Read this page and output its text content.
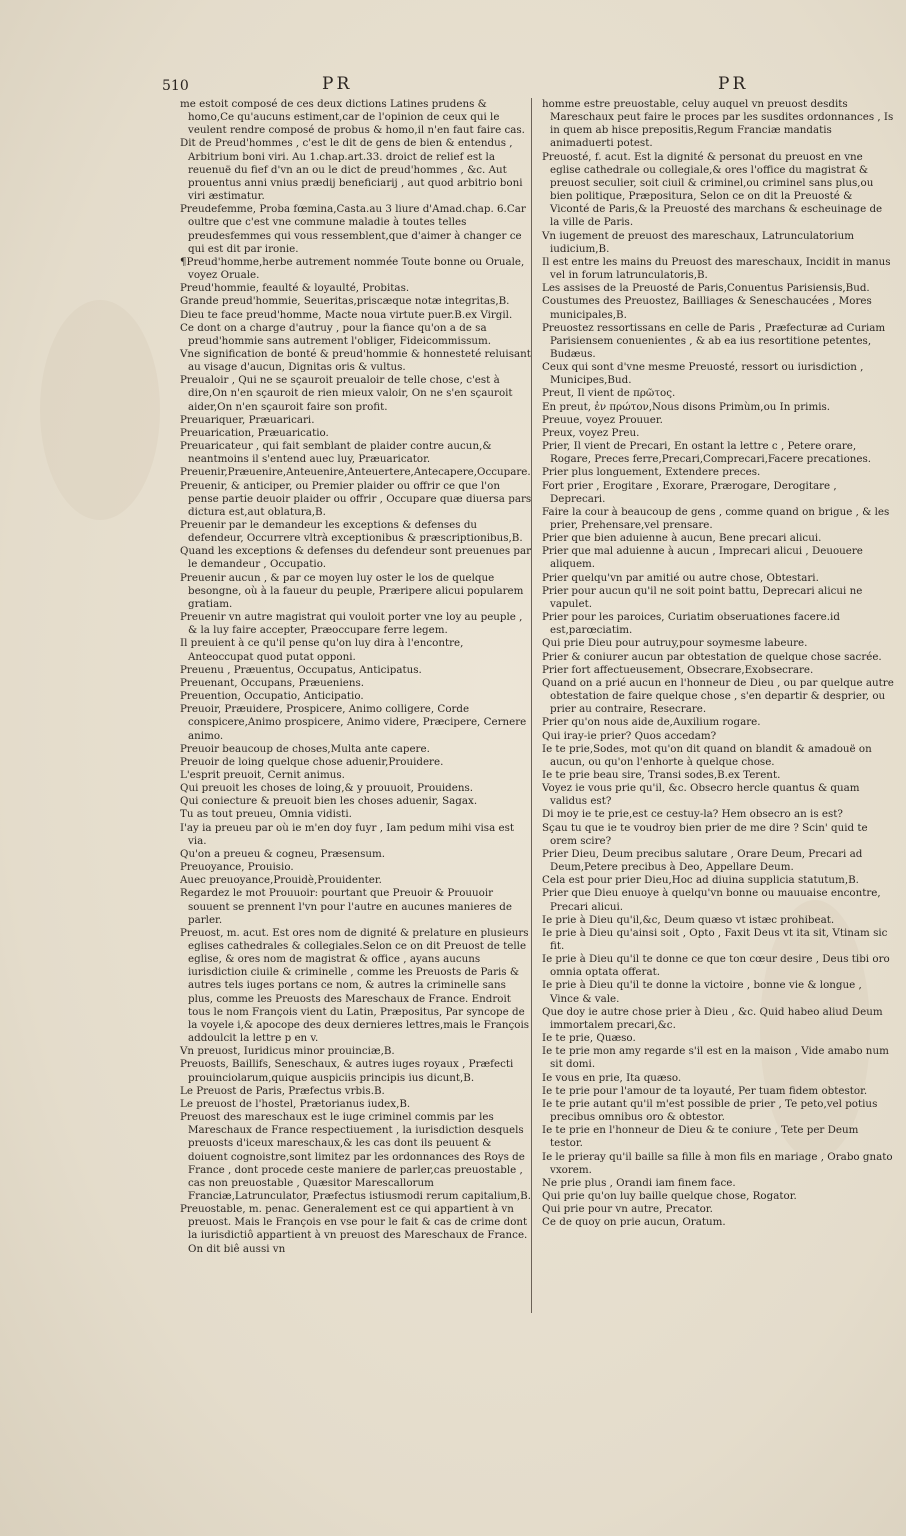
510	PR	PR

me estoit composé de ces deux dictions Latines prudens & homo,Ce qu'aucuns estiment,car de l'opinion de ceux qui le veulent rendre composé de probus & homo,il n'en faut faire cas.

Dit de Preud'hommes , c'est le dit de gens de bien & entendus , Arbitrium boni viri. Au 1.chap.art.33. droict de relief est la reuenuë du fief d'vn an ou le dict de preud'hommes , &c. Aut prouentus anni vnius prædij beneficiarij , aut quod arbitrio boni viri æstimatur.

Preudefemme, Proba fœmina,Casta.au 3 liure d'Amad.chap. 6.Car oultre que c'est vne commune maladie à toutes telles preudesfemmes qui vous ressemblent,que d'aimer à changer ce qui est dit par ironie.

¶Preud'homme,herbe autrement nommée Toute bonne ou Oruale, voyez Oruale.

Preud'hommie, feaulté & loyaulté, Probitas.

Grande preud'hommie, Seueritas,priscæque notæ integritas,B.

Dieu te face preud'homme, Macte noua virtute puer.B.ex Virgil.

Ce dont on a charge d'autruy , pour la fiance qu'on a de sa preud'hommie sans autrement l'obliger, Fideicommissum.

Vne signification de bonté & preud'hommie & honnesteté reluisant au visage d'aucun, Dignitas oris & vultus.

Preualoir , Qui ne se sçauroit preualoir de telle chose, c'est à dire,On n'en sçauroit de rien mieux valoir, On ne s'en sçauroit aider,On n'en sçauroit faire son profit.

Preuariquer, Præuaricari.

Preuarication, Præuaricatio.

Preuaricateur , qui fait semblant de plaider contre aucun,& neantmoins il s'entend auec luy, Præuaricator.

Preuenir,Præuenire,Anteuenire,Anteuertere,Antecapere,Occupare.

Preuenir, & anticiper, ou Premier plaider ou offrir ce que l'on pense partie deuoir plaider ou offrir , Occupare quæ diuersa pars dictura est,aut oblatura,B.

Preuenir par le demandeur les exceptions & defenses du defendeur, Occurrere vltrà exceptionibus & præscriptionibus,B.

Quand les exceptions & defenses du defendeur sont preuenues par le demandeur , Occupatio.

Preuenir aucun , & par ce moyen luy oster le los de quelque besongne, où à la faueur du peuple, Præripere alicui popularem gratiam.

Preuenir vn autre magistrat qui vouloit porter vne loy au peuple , & la luy faire accepter, Præoccupare ferre legem.

Il preuient à ce qu'il pense qu'on luy dira à l'encontre, Anteoccupat quod putat opponi.

Preuenu , Præuentus, Occupatus, Anticipatus.

Preuenant, Occupans, Præueniens.

Preuention, Occupatio, Anticipatio.

Preuoir, Præuidere, Prospicere, Animo colligere, Corde conspicere,Animo prospicere, Animo videre, Præcipere, Cernere animo.

Preuoir beaucoup de choses,Multa ante capere.

Preuoir de loing quelque chose aduenir,Prouidere.

L'esprit preuoit, Cernit animus.

Qui preuoit les choses de loing,& y prouuoit, Prouidens.

Qui coniecture & preuoit bien les choses aduenir, Sagax.

Tu as tout preueu, Omnia vidisti.

I'ay ia preueu par où ie m'en doy fuyr , Iam pedum mihi visa est via.

Qu'on a preueu & cogneu, Præsensum.

Preuoyance, Prouisio.

Auec preuoyance,Prouidè,Prouidenter.

Regardez le mot Prouuoir: pourtant que Preuoir & Prouuoir souuent se prennent l'vn pour l'autre en aucunes manieres de parler.

Preuost, m. acut. Est ores nom de dignité & prelature en plusieurs eglises cathedrales & collegiales.Selon ce on dit Preuost de telle eglise, & ores nom de magistrat & office , ayans aucuns iurisdiction ciuile & criminelle , comme les Preuosts de Paris & autres tels iuges portans ce nom, & autres la criminelle sans plus, comme les Preuosts des Mareschaux de France. Endroit tous le nom François vient du Latin, Præpositus, Par syncope de la voyele i,& apocope des deux dernieres lettres,mais le François addoulcit la lettre p en v.

Vn preuost, Iuridicus minor prouinciæ,B.

Preuosts, Baillifs, Seneschaux, & autres iuges royaux , Præfecti prouinciolarum,quique auspiciis principis ius dicunt,B.

Le Preuost de Paris, Præfectus vrbis.B.

Le preuost de l'hostel, Prætorianus iudex,B.

Preuost des mareschaux est le iuge criminel commis par les Mareschaux de France respectiuement , la iurisdiction desquels preuosts d'iceux mareschaux,& les cas dont ils peuuent & doiuent cognoistre,sont limitez par les ordonnances des Roys de France , dont procede ceste maniere de parler,cas preuostable , cas non preuostable , Quæsitor Marescallorum Franciæ,Latrunculator, Præfectus istiusmodi rerum capitalium,B.

Preuostable, m. penac. Generalement est ce qui appartient à vn preuost. Mais le François en vse pour le fait & cas de crime dont la iurisdictiô appartient à vn preuost des Mareschaux de France. On dit biê aussi vn

homme estre preuostable, celuy auquel vn preuost desdits Mareschaux peut faire le proces par les susdites ordonnances , Is in quem ab hisce prepositis,Regum Franciæ mandatis animaduerti potest.

Preuosté, f. acut. Est la dignité & personat du preuost en vne eglise cathedrale ou collegiale,& ores l'office du magistrat & preuost seculier, soit ciuil & criminel,ou criminel sans plus,ou bien politique, Præpositura, Selon ce on dit la Preuosté & Viconté de Paris,& la Preuosté des marchans & escheuinage de la ville de Paris.

Vn iugement de preuost des mareschaux, Latrunculatorium iudicium,B.

Il est entre les mains du Preuost des mareschaux, Incidit in manus vel in forum latrunculatoris,B.

Les assises de la Preuosté de Paris,Conuentus Parisiensis,Bud.

Coustumes des Preuostez, Bailliages & Seneschaucées , Mores municipales,B.

Preuostez ressortissans en celle de Paris , Præfecturæ ad Curiam Parisiensem conuenientes , & ab ea ius resortitione petentes, Budæus.

Ceux qui sont d'vne mesme Preuosté, ressort ou iurisdiction , Municipes,Bud.

Preut, Il vient de πρῶτος.

En preut, ἐν πρώτον,Nous disons Primùm,ou In primis.

Preuue, voyez Prouuer.

Preux, voyez Preu.

Prier, Il vient de Precari, En ostant la lettre c , Petere orare, Rogare, Preces ferre,Precari,Comprecari,Facere precationes.

Prier plus longuement, Extendere preces.

Fort prier , Erogitare , Exorare, Prærogare, Derogitare , Deprecari.

Faire la cour à beaucoup de gens , comme quand on brigue , & les prier, Prehensare,vel prensare.

Prier que bien aduienne à aucun, Bene precari alicui.

Prier que mal aduienne à aucun , Imprecari alicui , Deuouere aliquem.

Prier quelqu'vn par amitié ou autre chose, Obtestari.

Prier pour aucun qu'il ne soit point battu, Deprecari alicui ne vapulet.

Prier pour les paroices, Curiatim obseruationes facere.id est,parœciatim.

Qui prie Dieu pour autruy,pour soymesme labeure.

Prier & coniurer aucun par obtestation de quelque chose sacrée.

Prier fort affectueusement, Obsecrare,Exobsecrare.

Quand on a prié aucun en l'honneur de Dieu , ou par quelque autre obtestation de faire quelque chose , s'en departir & desprier, ou prier au contraire, Resecrare.

Prier qu'on nous aide de,Auxilium rogare.

Qui iray-ie prier? Quos accedam?

Ie te prie,Sodes, mot qu'on dit quand on blandit & amadouë on aucun, ou qu'on l'enhorte à quelque chose.

Ie te prie beau sire, Transi sodes,B.ex Terent.

Voyez ie vous prie qu'il, &c. Obsecro hercle quantus & quam validus est?

Di moy ie te prie,est ce cestuy-la? Hem obsecro an is est?

Sçau tu que ie te voudroy bien prier de me dire ? Scin' quid te orem scire?

Prier Dieu, Deum precibus salutare , Orare Deum, Precari ad Deum,Petere precibus à Deo, Appellare Deum.

Cela est pour prier Dieu,Hoc ad diuina supplicia statutum,B.

Prier que Dieu enuoye à quelqu'vn bonne ou mauuaise encontre, Precari alicui.

Ie prie à Dieu qu'il,&c, Deum quæso vt istæc prohibeat.

Ie prie à Dieu qu'ainsi soit , Opto , Faxit Deus vt ita sit, Vtinam sic fit.

Ie prie à Dieu qu'il te donne ce que ton cœur desire , Deus tibi oro omnia optata offerat.

Ie prie à Dieu qu'il te donne la victoire , bonne vie & longue , Vince & vale.

Que doy ie autre chose prier à Dieu , &c. Quid habeo aliud Deum immortalem precari,&c.

Ie te prie, Quæso.

Ie te prie mon amy regarde s'il est en la maison , Vide amabo num sit domi.

Ie vous en prie, Ita quæso.

Ie te prie pour l'amour de ta loyauté, Per tuam fidem obtestor.

Ie te prie autant qu'il m'est possible de prier , Te peto,vel potius precibus omnibus oro & obtestor.

Ie te prie en l'honneur de Dieu & te coniure , Tete per Deum testor.

Ie le prieray qu'il baille sa fille à mon fils en mariage , Orabo gnato vxorem.

Ne prie plus , Orandi iam finem face.

Qui prie qu'on luy baille quelque chose, Rogator.

Qui prie pour vn autre, Precator.

Ce de quoy on prie aucun, Oratum.
